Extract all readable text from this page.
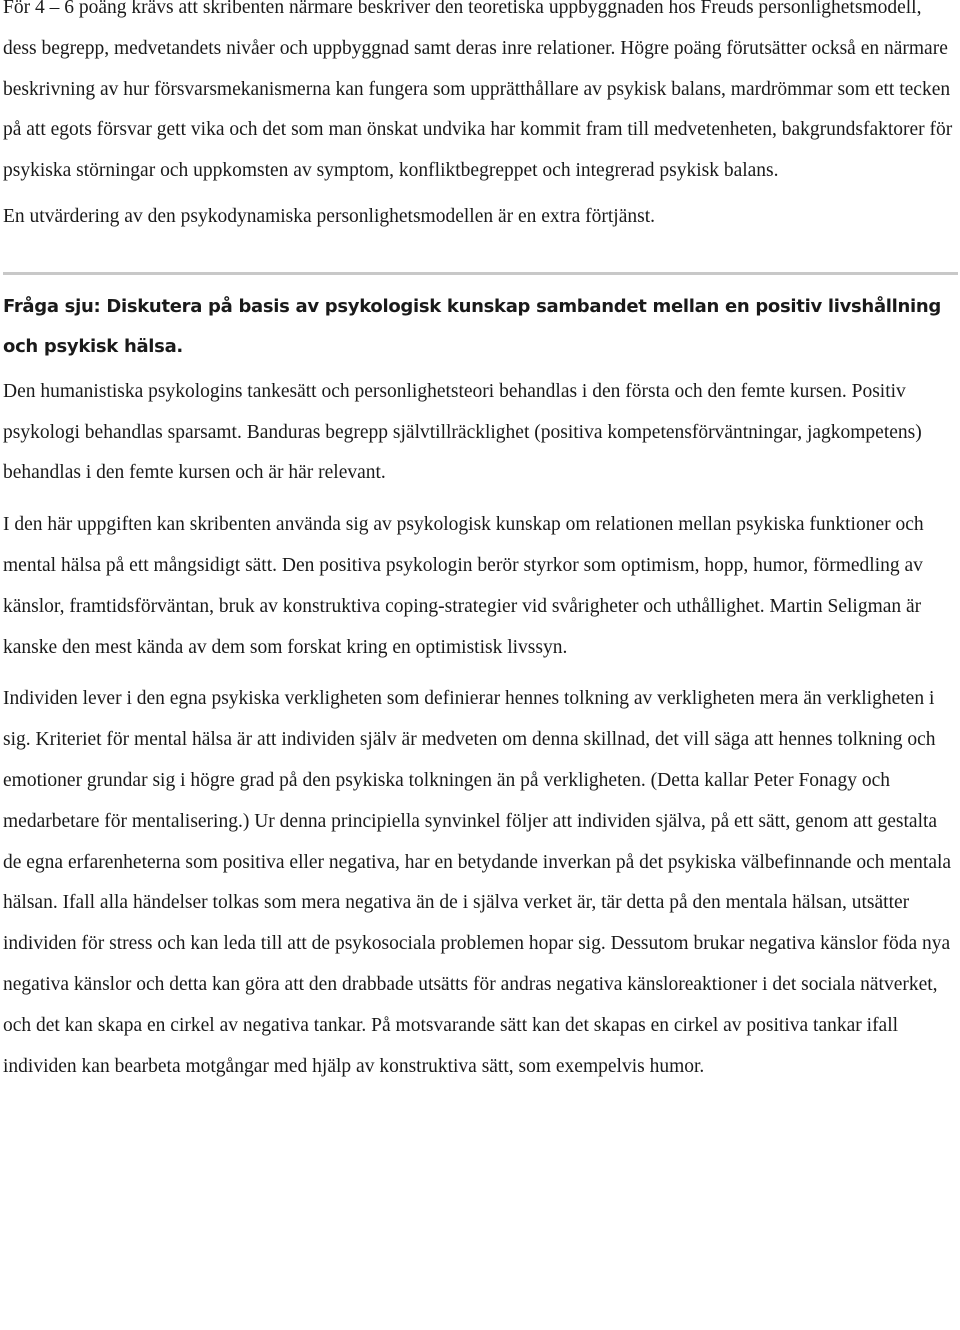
För 4 – 6 poäng krävs att skribenten närmare beskriver den teoretiska uppbyggnaden hos Freuds personlighetsmodell, dess begrepp, medvetandets nivåer och uppbyggnad samt deras inre relationer. Högre poäng förutsätter också en närmare beskrivning av hur försvarsmekanismerna kan fungera som upprätthållare av psykisk balans, mardrömmar som ett tecken på att egots försvar gett vika och det som man önskat undvika har kommit fram till medvetenheten, bakgrundsfaktorer för psykiska störningar och uppkomsten av symptom, konfliktbegreppet och integrerad psykisk balans.

En utvärdering av den psykodynamiska personlighetsmodellen är en extra förtjänst.

Fråga sju: Diskutera på basis av psykologisk kunskap sambandet mellan en positiv livshållning och psykisk hälsa.

Den humanistiska psykologins tankesätt och personlighetsteori behandlas i den första och den femte kursen. Positiv psykologi behandlas sparsamt. Banduras begrepp självtillräcklighet (positiva kompetensförväntningar, jagkompetens) behandlas i den femte kursen och är här relevant.

I den här uppgiften kan skribenten använda sig av psykologisk kunskap om relationen mellan psykiska funktioner och mental hälsa på ett mångsidigt sätt. Den positiva psykologin berör styrkor som optimism, hopp, humor, förmedling av känslor, framtidsförväntan, bruk av konstruktiva coping-strategier vid svårigheter och uthållighet. Martin Seligman är kanske den mest kända av dem som forskat kring en optimistisk livssyn.

Individen lever i den egna psykiska verkligheten som definierar hennes tolkning av verkligheten mera än verkligheten i sig. Kriteriet för mental hälsa är att individen själv är medveten om denna skillnad, det vill säga att hennes tolkning och emotioner grundar sig i högre grad på den psykiska tolkningen än på verkligheten. (Detta kallar Peter Fonagy och medarbetare för mentalisering.) Ur denna principiella synvinkel följer att individen själva, på ett sätt, genom att gestalta de egna erfarenheterna som positiva eller negativa, har en betydande inverkan på det psykiska välbefinnande och mentala hälsan. Ifall alla händelser tolkas som mera negativa än de i själva verket är, tär detta på den mentala hälsan, utsätter individen för stress och kan leda till att de psykosociala problemen hopar sig. Dessutom brukar negativa känslor föda nya negativa känslor och detta kan göra att den drabbade utsätts för andras negativa känsloreaktioner i det sociala nätverket, och det kan skapa en cirkel av negativa tankar. På motsvarande sätt kan det skapas en cirkel av positiva tankar ifall individen kan bearbeta motgångar med hjälp av konstruktiva sätt, som exempelvis humor.
